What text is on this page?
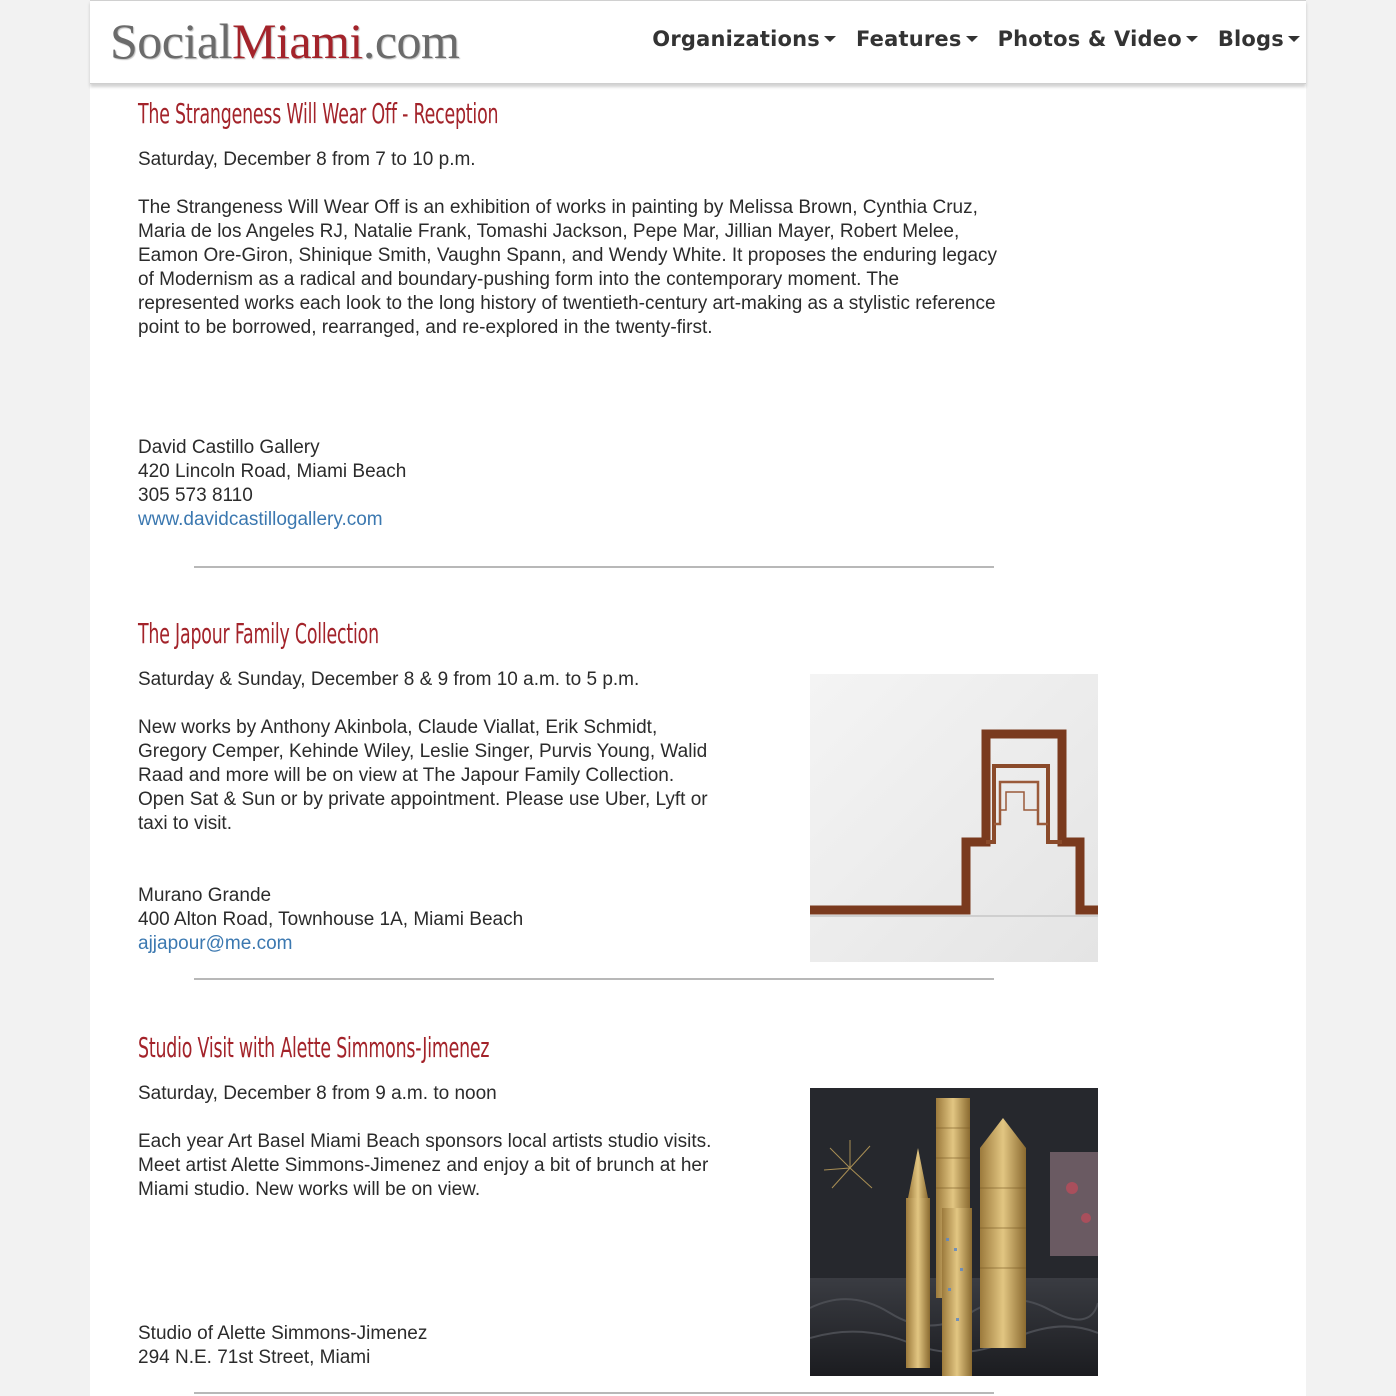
SocialMiami.com	Organizations Features Photos & Video Blogs
The Strangeness Will Wear Off - Reception

Saturday, December 8 from 7 to 10 p.m.

The Strangeness Will Wear Off is an exhibition of works in painting by Melissa Brown, Cynthia Cruz,
Maria de los Angeles RJ, Natalie Frank, Tomashi Jackson, Pepe Mar, Jillian Mayer, Robert Melee,
Eamon Ore-Giron, Shinique Smith, Vaughn Spann, and Wendy White. It proposes the enduring legacy
of Modernism as a radical and boundary-pushing form into the contemporary moment. The
represented works each look to the long history of twentieth-century art-making as a stylistic reference
point to be borrowed, rearranged, and re-explored in the twenty-first.

David Castillo Gallery

420 Lincoln Road, Miami Beach

305 573 8110

www.davidcastillogallery.com
The Japour Family Collection

Saturday & Sunday, December 8 & 9 from 10 a.m. to 5 p.m.

New works by Anthony Akinbola, Claude Viallat, Erik Schmidt,
Gregory Cemper, Kehinde Wiley, Leslie Singer, Purvis Young, Walid
Raad and more will be on view at The Japour Family Collection.
Open Sat & Sun or by private appointment. Please use Uber, Lyft or
taxi to visit.

Murano Grande

400 Alton Road, Townhouse 1A, Miami Beach

ajjapour@me.com
Studio Visit with Alette Simmons-Jimenez

Saturday, December 8 from 9 a.m. to noon

Each year Art Basel Miami Beach sponsors local artists studio visits.
Meet artist Alette Simmons-Jimenez and enjoy a bit of brunch at her
Miami studio. New works will be on view.

Studio of Alette Simmons-Jimenez

294 N.E. 71st Street, Miami
